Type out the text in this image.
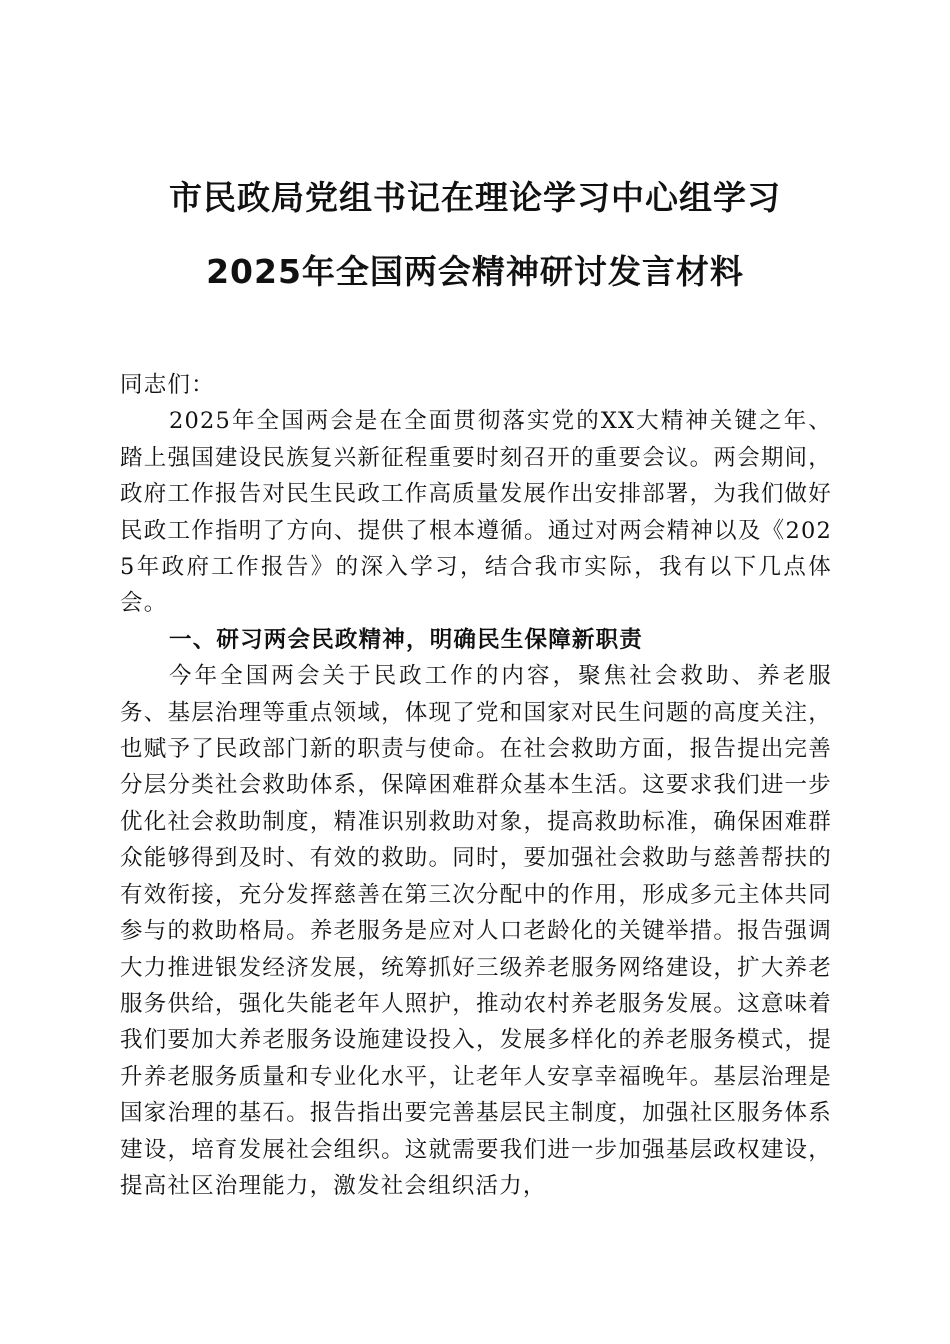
市民政局党组书记在理论学习中心组学习
2025年全国两会精神研讨发言材料

同志们：

2025年全国两会是在全面贯彻落实党的XX大精神关键之年、踏上强国建设民族复兴新征程重要时刻召开的重要会议。两会期间，政府工作报告对民生民政工作高质量发展作出安排部署，为我们做好民政工作指明了方向、提供了根本遵循。通过对两会精神以及《2025年政府工作报告》的深入学习，结合我市实际，我有以下几点体会。

一、研习两会民政精神，明确民生保障新职责

今年全国两会关于民政工作的内容，聚焦社会救助、养老服务、基层治理等重点领域，体现了党和国家对民生问题的高度关注，也赋予了民政部门新的职责与使命。在社会救助方面，报告提出完善分层分类社会救助体系，保障困难群众基本生活。这要求我们进一步优化社会救助制度，精准识别救助对象，提高救助标准，确保困难群众能够得到及时、有效的救助。同时，要加强社会救助与慈善帮扶的有效衔接，充分发挥慈善在第三次分配中的作用，形成多元主体共同参与的救助格局。养老服务是应对人口老龄化的关键举措。报告强调大力推进银发经济发展，统筹抓好三级养老服务网络建设，扩大养老服务供给，强化失能老年人照护，推动农村养老服务发展。这意味着我们要加大养老服务设施建设投入，发展多样化的养老服务模式，提升养老服务质量和专业化水平，让老年人安享幸福晚年。基层治理是国家治理的基石。报告指出要完善基层民主制度，加强社区服务体系建设，培育发展社会组织。这就需要我们进一步加强基层政权建设，提高社区治理能力，激发社会组织活力，
